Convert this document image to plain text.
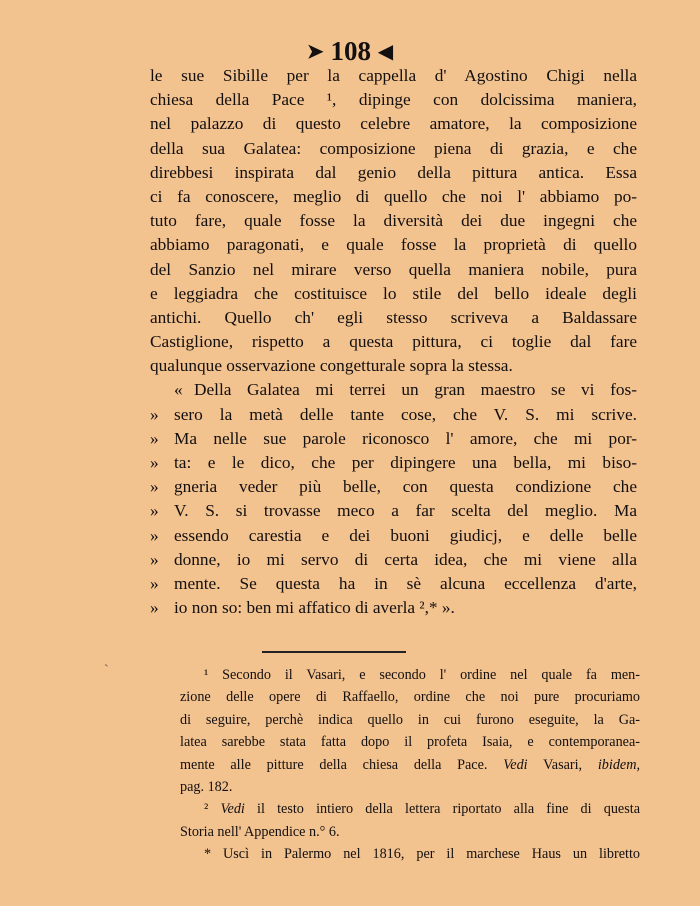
➤ 108 ◀
le sue Sibille per la cappella d' Agostino Chigi nella
chiesa della Pace ¹, dipinge con dolcissima maniera,
nel palazzo di questo celebre amatore, la composizione
della sua Galatea: composizione piena di grazia, e che
direbbesi inspirata dal genio della pittura antica. Essa
ci fa conoscere, meglio di quello che noi l' abbiamo po-
tuto fare, quale fosse la diversità dei due ingegni che
abbiamo paragonati, e quale fosse la proprietà di quello
del Sanzio nel mirare verso quella maniera nobile, pura
e leggiadra che costituisce lo stile del bello ideale degli
antichi. Quello ch' egli stesso scriveva a Baldassare
Castiglione, rispetto a questa pittura, ci toglie dal fare
qualunque osservazione congetturale sopra la stessa.
« Della Galatea mi terrei un gran maestro se vi fos-
» sero la metà delle tante cose, che V. S. mi scrive.
» Ma nelle sue parole riconosco l' amore, che mi por-
» ta: e le dico, che per dipingere una bella, mi biso-
» gneria veder più belle, con questa condizione che
» V. S. si trovasse meco a far scelta del meglio. Ma
» essendo carestia e dei buoni giudicj, e delle belle
» donne, io mi servo di certa idea, che mi viene alla
» mente. Se questa ha in sè alcuna eccellenza d'arte,
» io non so: ben mi affatico di averla ²,* ».
`	¹ Secondo il Vasari, e secondo l' ordine nel quale fa men-
zione delle opere di Raffaello, ordine che noi pure procuriamo
di seguire, perchè indica quello in cui furono eseguite, la Ga-
latea sarebbe stata fatta dopo il profeta Isaia, e contemporanea-
mente alle pitture della chiesa della Pace. Vedi Vasari, ibidem,
pag. 182.
² Vedi il testo intiero della lettera riportato alla fine di questa
Storia nell' Appendice n.° 6.
* Uscì in Palermo nel 1816, per il marchese Haus un libretto
